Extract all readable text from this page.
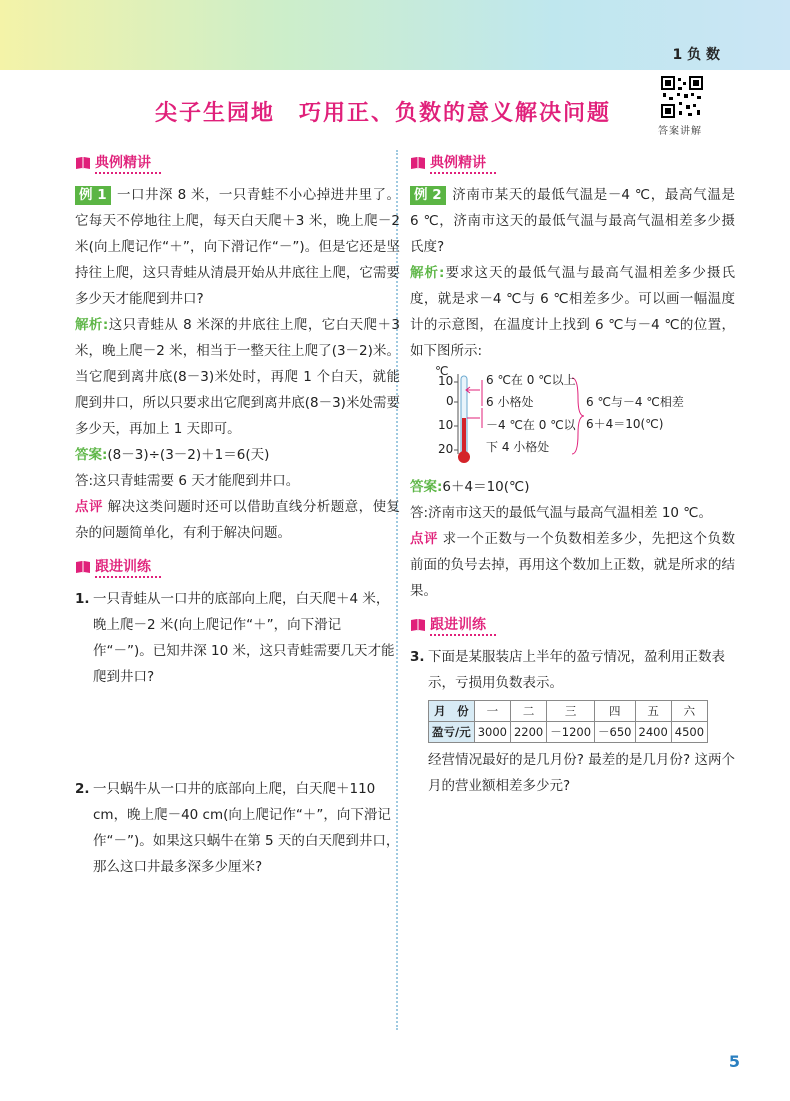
1 负 数
尖子生园地　巧用正、负数的意义解决问题
答案讲解
典例精讲
例 1 一口井深 8 米，一只青蛙不小心掉进井里了。它每天不停地往上爬，每天白天爬＋3 米，晚上爬－2 米(向上爬记作“＋”，向下滑记作“－”)。但是它还是坚持往上爬，这只青蛙从清晨开始从井底往上爬，它需要多少天才能爬到井口?
解析:这只青蛙从 8 米深的井底往上爬，它白天爬＋3 米，晚上爬－2 米，相当于一整天往上爬了(3－2)米。当它爬到离井底(8－3)米处时，再爬 1 个白天，就能爬到井口，所以只要求出它爬到离井底(8－3)米处需要多少天，再加上 1 天即可。
答案:(8－3)÷(3－2)＋1＝6(天)
答:这只青蛙需要 6 天才能爬到井口。
点评 解决这类问题时还可以借助直线分析题意，使复杂的问题简单化，有利于解决问题。
跟进训练
1. 一只青蛙从一口井的底部向上爬，白天爬＋4 米，晚上爬－2 米(向上爬记作“＋”，向下滑记作“－”)。已知井深 10 米，这只青蛙需要几天才能爬到井口?
2. 一只蜗牛从一口井的底部向上爬，白天爬＋110 cm，晚上爬－40 cm(向上爬记作“＋”，向下滑记作“－”)。如果这只蜗牛在第 5 天的白天爬到井口，那么这口井最多深多少厘米?
典例精讲
例 2 济南市某天的最低气温是－4 ℃，最高气温是 6 ℃，济南市这天的最低气温与最高气温相差多少摄氏度?
解析:要求这天的最低气温与最高气温相差多少摄氏度，就是求－4 ℃与 6 ℃相差多少。可以画一幅温度计的示意图，在温度计上找到 6 ℃与－4 ℃的位置，如下图所示:
℃
10
0
10
20
6 ℃在 0 ℃以上
6 小格处
－4 ℃在 0 ℃以
下 4 小格处
6 ℃与－4 ℃相差
6＋4＝10(℃)
答案:6＋4＝10(℃)
答:济南市这天的最低气温与最高气温相差 10 ℃。
点评 求一个正数与一个负数相差多少，先把这个负数前面的负号去掉，再用这个数加上正数，就是所求的结果。
跟进训练
3. 下面是某服装店上半年的盈亏情况，盈利用正数表示，亏损用负数表示。
月　份	一	二	三	四	五	六
盈亏/元	3000	2200	－1200	－650	2400	4500
经营情况最好的是几月份? 最差的是几月份? 这两个月的营业额相差多少元?
5
